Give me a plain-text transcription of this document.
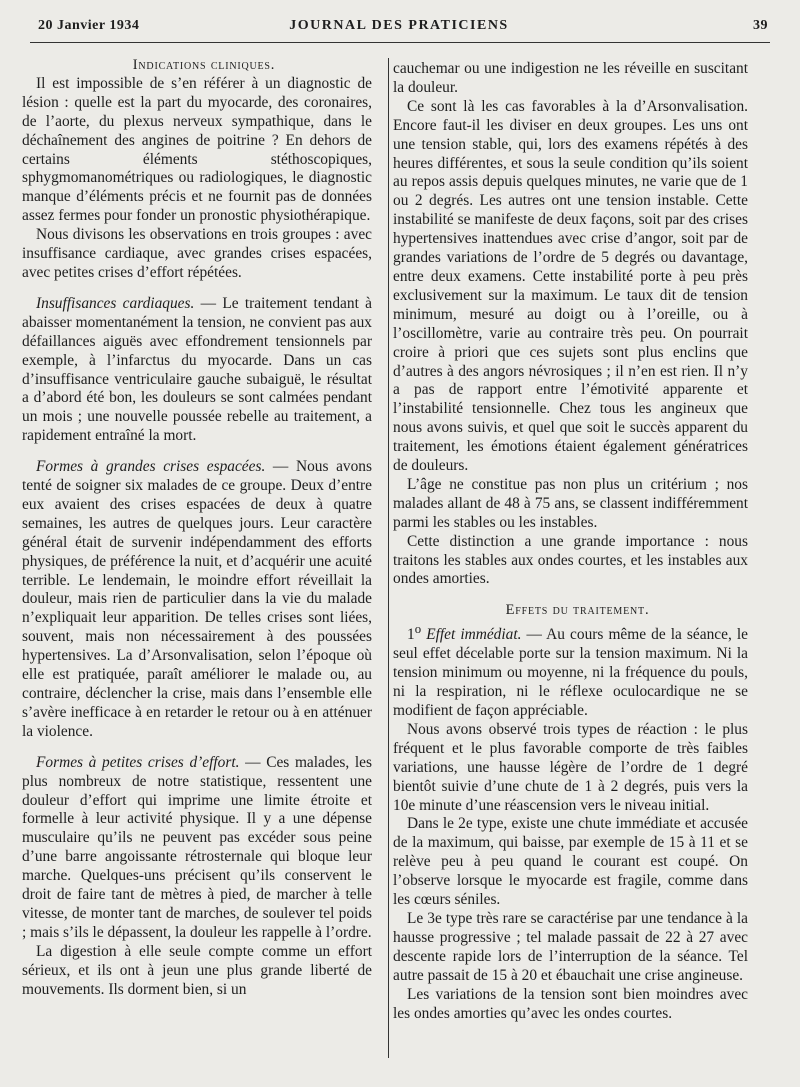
20 Janvier 1934	JOURNAL DES PRATICIENS	39

Indications cliniques.

Il est impossible de s’en référer à un diagnostic de lésion : quelle est la part du myocarde, des coronaires, de l’aorte, du plexus nerveux sympathique, dans le déchaînement des angines de poitrine ? En dehors de certains éléments stéthoscopiques, sphygmomanométriques ou radiologiques, le diagnostic manque d’éléments précis et ne fournit pas de données assez fermes pour fonder un pronostic physiothérapique.

Nous divisons les observations en trois groupes : avec insuffisance cardiaque, avec grandes crises espacées, avec petites crises d’effort répétées.

Insuffisances cardiaques. — Le traitement tendant à abaisser momentanément la tension, ne convient pas aux défaillances aiguës avec effondrement tensionnels par exemple, à l’infarctus du myocarde. Dans un cas d’insuffisance ventriculaire gauche subaiguë, le résultat a d’abord été bon, les douleurs se sont calmées pendant un mois ; une nouvelle poussée rebelle au traitement, a rapidement entraîné la mort.

Formes à grandes crises espacées. — Nous avons tenté de soigner six malades de ce groupe. Deux d’entre eux avaient des crises espacées de deux à quatre semaines, les autres de quelques jours. Leur caractère général était de survenir indépendamment des efforts physiques, de préférence la nuit, et d’acquérir une acuité terrible. Le lendemain, le moindre effort réveillait la douleur, mais rien de particulier dans la vie du malade n’expliquait leur apparition. De telles crises sont liées, souvent, mais non nécessairement à des poussées hypertensives. La d’Arsonvalisation, selon l’époque où elle est pratiquée, paraît améliorer le malade ou, au contraire, déclencher la crise, mais dans l’ensemble elle s’avère inefficace à en retarder le retour ou à en atténuer la violence.

Formes à petites crises d’effort. — Ces malades, les plus nombreux de notre statistique, ressentent une douleur d’effort qui imprime une limite étroite et formelle à leur activité physique. Il y a une dépense musculaire qu’ils ne peuvent pas excéder sous peine d’une barre angoissante rétrosternale qui bloque leur marche. Quelques-uns précisent qu’ils conservent le droit de faire tant de mètres à pied, de marcher à telle vitesse, de monter tant de marches, de soulever tel poids ; mais s’ils le dépassent, la douleur les rappelle à l’ordre.

La digestion à elle seule compte comme un effort sérieux, et ils ont à jeun une plus grande liberté de mouvements. Ils dorment bien, si un

cauchemar ou une indigestion ne les réveille en suscitant la douleur.

Ce sont là les cas favorables à la d’Arsonvalisation. Encore faut-il les diviser en deux groupes. Les uns ont une tension stable, qui, lors des examens répétés à des heures différentes, et sous la seule condition qu’ils soient au repos assis depuis quelques minutes, ne varie que de 1 ou 2 degrés. Les autres ont une tension instable. Cette instabilité se manifeste de deux façons, soit par des crises hypertensives inattendues avec crise d’angor, soit par de grandes variations de l’ordre de 5 degrés ou davantage, entre deux examens. Cette instabilité porte à peu près exclusivement sur la maximum. Le taux dit de tension minimum, mesuré au doigt ou à l’oreille, ou à l’oscillomètre, varie au contraire très peu. On pourrait croire à priori que ces sujets sont plus enclins que d’autres à des angors névrosiques ; il n’en est rien. Il n’y a pas de rapport entre l’émotivité apparente et l’instabilité tensionnelle. Chez tous les angineux que nous avons suivis, et quel que soit le succès apparent du traitement, les émotions étaient également génératrices de douleurs.

L’âge ne constitue pas non plus un critérium ; nos malades allant de 48 à 75 ans, se classent indifféremment parmi les stables ou les instables.

Cette distinction a une grande importance : nous traitons les stables aux ondes courtes, et les instables aux ondes amorties.

Effets du traitement.

1$^o$ Effet immédiat. — Au cours même de la séance, le seul effet décelable porte sur la tension maximum. Ni la tension minimum ou moyenne, ni la fréquence du pouls, ni la respiration, ni le réflexe oculocardique ne se modifient de façon appréciable.

Nous avons observé trois types de réaction : le plus fréquent et le plus favorable comporte de très faibles variations, une hausse légère de l’ordre de 1 degré bientôt suivie d’une chute de 1 à 2 degrés, puis vers la 10e minute d’une réascension vers le niveau initial.

Dans le 2e type, existe une chute immédiate et accusée de la maximum, qui baisse, par exemple de 15 à 11 et se relève peu à peu quand le courant est coupé. On l’observe lorsque le myocarde est fragile, comme dans les cœurs séniles.

Le 3e type très rare se caractérise par une tendance à la hausse progressive ; tel malade passait de 22 à 27 avec descente rapide lors de l’interruption de la séance. Tel autre passait de 15 à 20 et ébauchait une crise angineuse.

Les variations de la tension sont bien moindres avec les ondes amorties qu’avec les ondes courtes.
